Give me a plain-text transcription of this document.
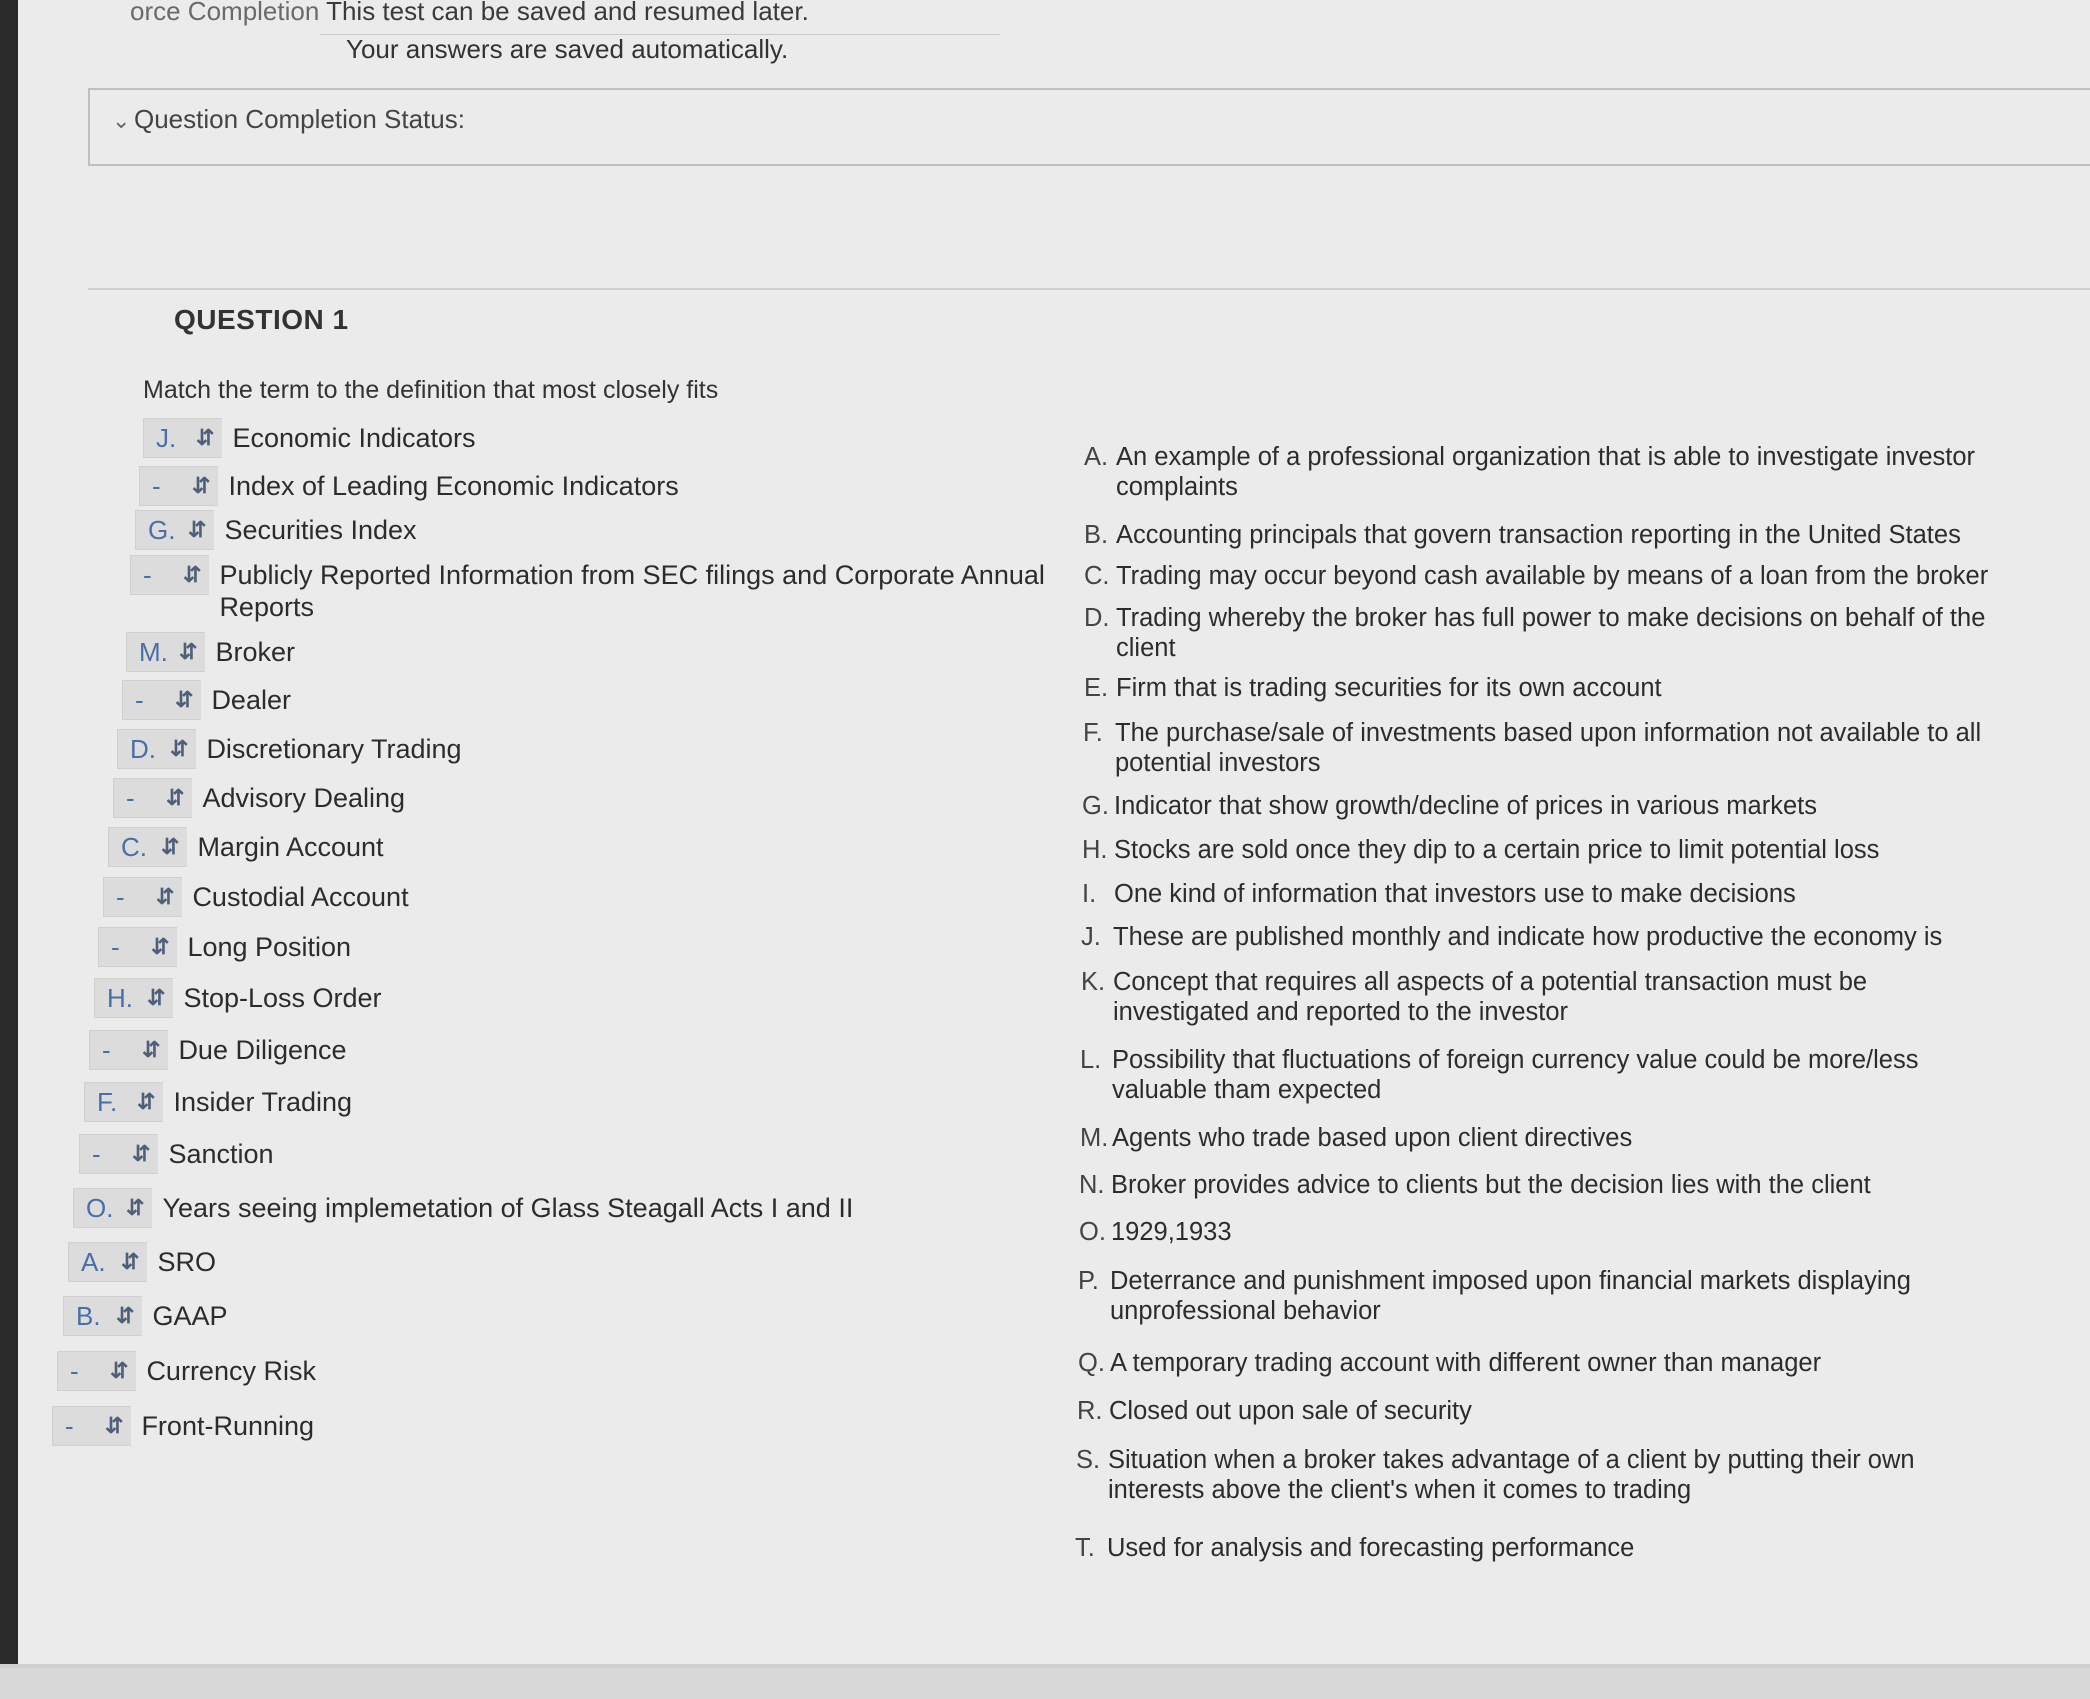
orce Completion This test can be saved and resumed later.
Your answers are saved automatically.
⌄ Question Completion Status:
QUESTION 1
Match the term to the definition that most closely fits
J. ⇵ Economic Indicators
-	⇵ Index of Leading Economic Indicators
G. ⇵ Securities Index
-	⇵ Publicly Reported Information from SEC filings and Corporate Annual Reports
M. ⇵ Broker
-	⇵ Dealer
D. ⇵ Discretionary Trading
-	⇵ Advisory Dealing
C. ⇵ Margin Account
-	⇵ Custodial Account
-	⇵ Long Position
H. ⇵ Stop-Loss Order
-	⇵ Due Diligence
F. ⇵ Insider Trading
-	⇵ Sanction
O. ⇵ Years seeing implemetation of Glass Steagall Acts I and II
A. ⇵ SRO
B. ⇵ GAAP
-	⇵ Currency Risk
-	⇵ Front-Running
A. An example of a professional organization that is able to investigate investor complaints
B. Accounting principals that govern transaction reporting in the United States
C. Trading may occur beyond cash available by means of a loan from the broker
D. Trading whereby the broker has full power to make decisions on behalf of the client
E. Firm that is trading securities for its own account
F. The purchase/sale of investments based upon information not available to all potential investors
G. Indicator that show growth/decline of prices in various markets
H. Stocks are sold once they dip to a certain price to limit potential loss
I. One kind of information that investors use to make decisions
J. These are published monthly and indicate how productive the economy is
K. Concept that requires all aspects of a potential transaction must be investigated and reported to the investor
L. Possibility that fluctuations of foreign currency value could be more/less valuable tham expected
M. Agents who trade based upon client directives
N. Broker provides advice to clients but the decision lies with the client
O. 1929,1933
P. Deterrance and punishment imposed upon financial markets displaying unprofessional behavior
Q. A temporary trading account with different owner than manager
R. Closed out upon sale of security
S. Situation when a broker takes advantage of a client by putting their own interests above the client's when it comes to trading
T. Used for analysis and forecasting performance
